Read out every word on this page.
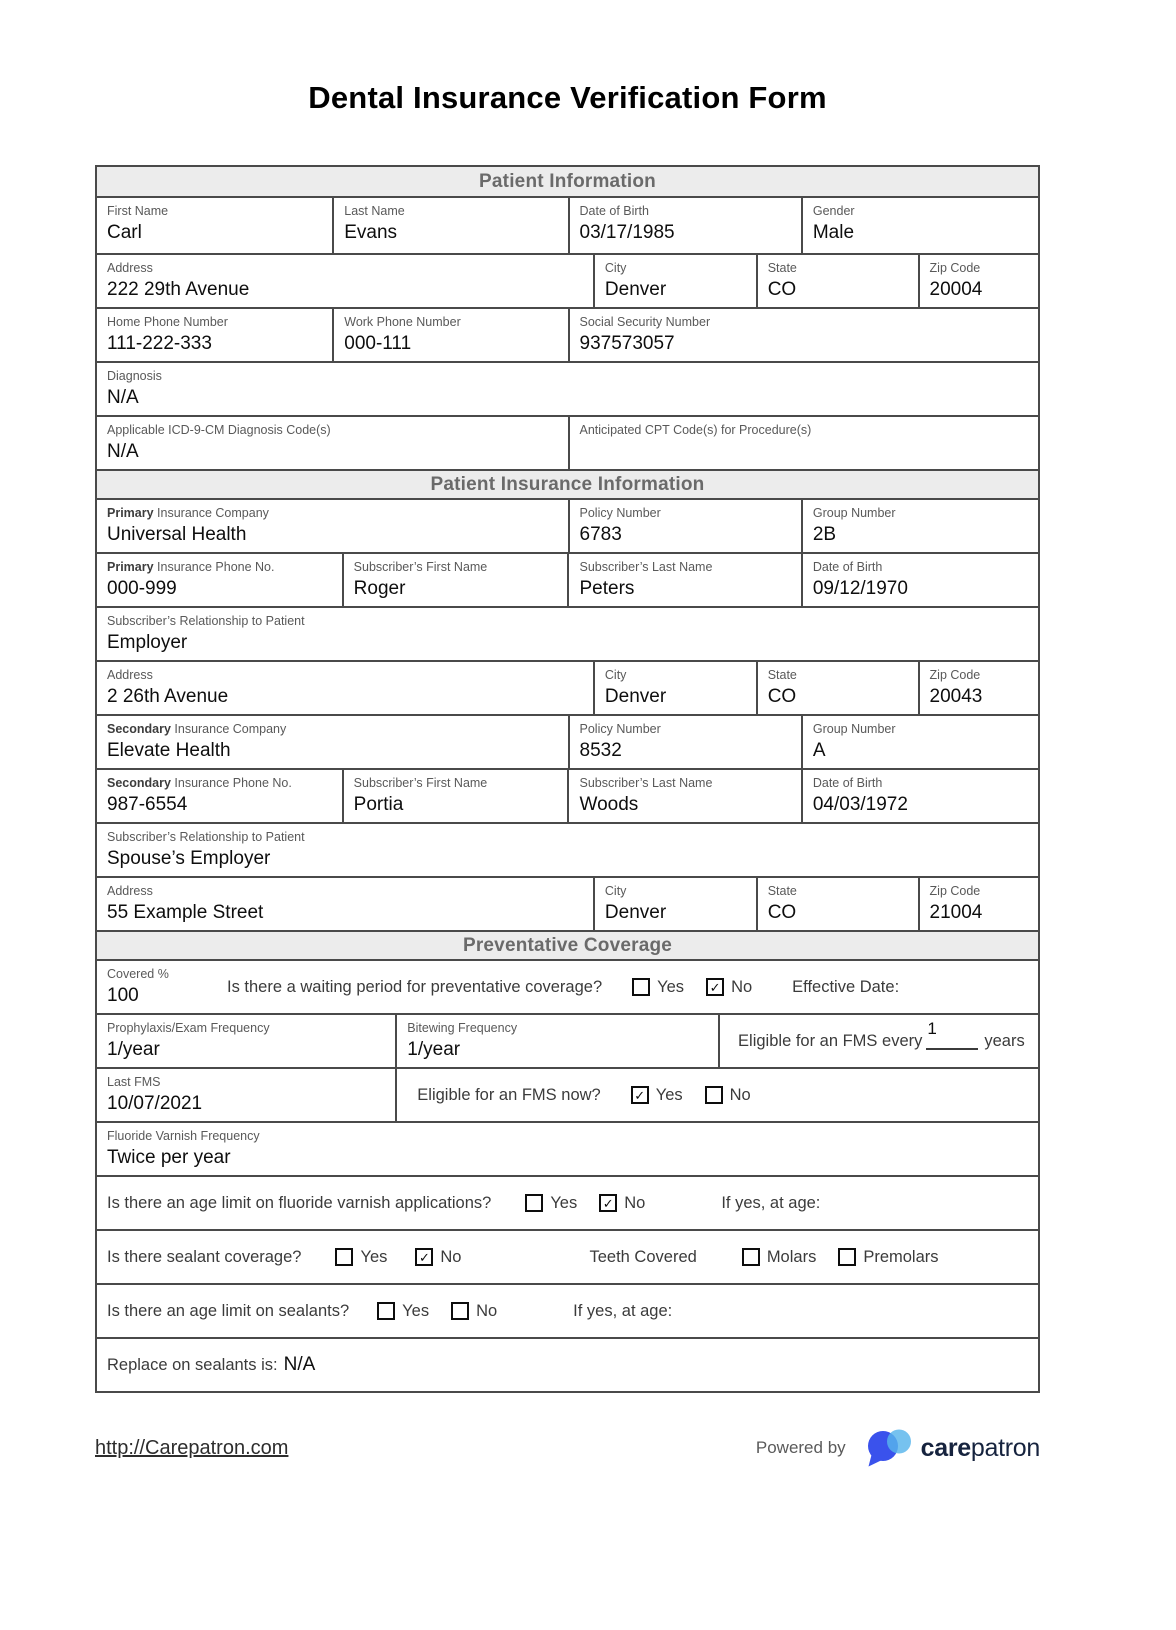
Dental Insurance Verification Form
Patient Information
First Name
Carl
Last Name
Evans
Date of Birth
03/17/1985
Gender
Male
Address
222 29th Avenue
City
Denver
State
CO
Zip Code
20004
Home Phone Number
111-222-333
Work Phone Number
000-111
Social Security Number
937573057
Diagnosis
N/A
Applicable ICD-9-CM Diagnosis Code(s)
N/A
Anticipated CPT Code(s) for Procedure(s)
Patient Insurance Information
Primary Insurance Company
Universal Health
Policy Number
6783
Group Number
2B
Primary Insurance Phone No.
000-999
Subscriber’s First Name
Roger
Subscriber’s Last Name
Peters
Date of Birth
09/12/1970
Subscriber’s Relationship to Patient
Employer
Address
2 26th Avenue
City
Denver
State
CO
Zip Code
20043
Secondary Insurance Company
Elevate Health
Policy Number
8532
Group Number
A
Secondary Insurance Phone No.
987-6554
Subscriber’s First Name
Portia
Subscriber’s Last Name
Woods
Date of Birth
04/03/1972
Subscriber’s Relationship to Patient
Spouse’s Employer
Address
55 Example Street
City
Denver
State
CO
Zip Code
21004
Preventative Coverage
Covered %
100	Is there a waiting period for preventative coverage?	Yes ✓	No Effective Date:
Prophylaxis/Exam Frequency
1/year
Bitewing Frequency
1/year	Eligible for an FMS every
1
years
Last FMS
10/07/2021	Eligible for an FMS now? ✓	Yes	No
Fluoride Varnish Frequency
Twice per year
Is there an age limit on fluoride varnish applications?	Yes ✓	No	If yes, at age:
Is there sealant coverage?	Yes ✓	No	Teeth Covered	Molars	Premolars
Is there an age limit on sealants?	Yes	No	If yes, at age:
Replace on sealants is: N/A
http://Carepatron.com	Powered by	carepatron
